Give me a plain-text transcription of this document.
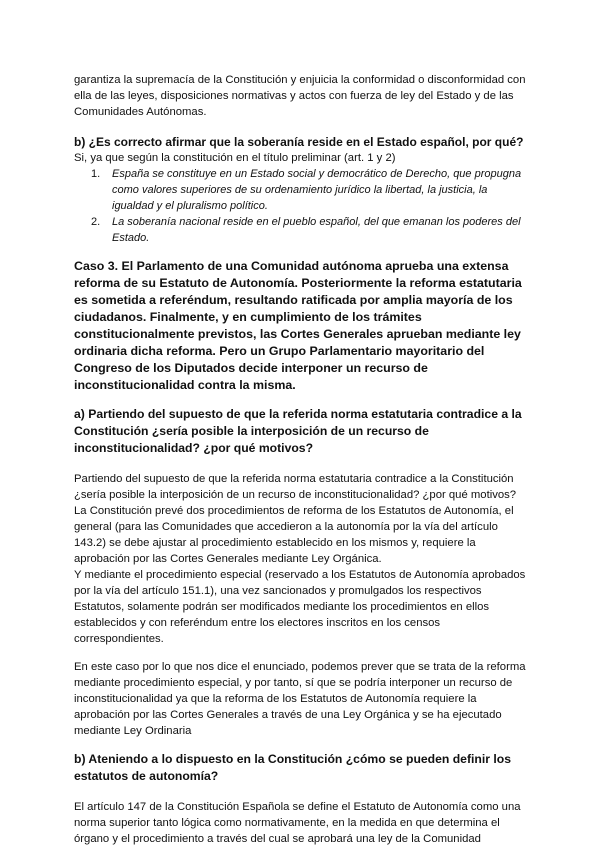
garantiza la supremacía de la Constitución y enjuicia la conformidad o disconformidad con ella de las leyes, disposiciones normativas y actos con fuerza de ley del Estado y de las Comunidades Autónomas.

b) ¿Es correcto afirmar que la soberanía reside en el Estado español, por qué?

Si, ya que según la constitución en el título preliminar (art. 1 y 2)

1. España se constituye en un Estado social y democrático de Derecho, que propugna como valores superiores de su ordenamiento jurídico la libertad, la justicia, la igualdad y el pluralismo político.
2. La soberanía nacional reside en el pueblo español, del que emanan los poderes del Estado.

Caso 3. El Parlamento de una Comunidad autónoma aprueba una extensa reforma de su Estatuto de Autonomía. Posteriormente la reforma estatutaria es sometida a referéndum, resultando ratificada por amplia mayoría de los ciudadanos. Finalmente, y en cumplimiento de los trámites constitucionalmente previstos, las Cortes Generales aprueban mediante ley ordinaria dicha reforma. Pero un Grupo Parlamentario mayoritario del Congreso de los Diputados decide interponer un recurso de inconstitucionalidad contra la misma.

a) Partiendo del supuesto de que la referida norma estatutaria contradice a la Constitución ¿sería posible la interposición de un recurso de inconstitucionalidad? ¿por qué motivos?

Partiendo del supuesto de que la referida norma estatutaria contradice a la Constitución ¿sería posible la interposición de un recurso de inconstitucionalidad? ¿por qué motivos?

La Constitución prevé dos procedimientos de reforma de los Estatutos de Autonomía, el general (para las Comunidades que accedieron a la autonomía por la vía del artículo 143.2) se debe ajustar al procedimiento establecido en los mismos y, requiere la aprobación por las Cortes Generales mediante Ley Orgánica.

Y mediante el procedimiento especial (reservado a los Estatutos de Autonomía aprobados por la vía del artículo 151.1), una vez sancionados y promulgados los respectivos Estatutos, solamente podrán ser modificados mediante los procedimientos en ellos establecidos y con referéndum entre los electores inscritos en los censos correspondientes.

En este caso por lo que nos dice el enunciado, podemos prever que se trata de la reforma mediante procedimiento especial, y por tanto, sí que se podría interponer un recurso de inconstitucionalidad ya que la reforma de los Estatutos de Autonomía requiere la aprobación por las Cortes Generales a través de una Ley Orgánica y se ha ejecutado mediante Ley Ordinaria

b) Ateniendo a lo dispuesto en la Constitución ¿cómo se pueden definir los estatutos de autonomía?

El artículo 147 de la Constitución Española se define el Estatuto de Autonomía como una norma superior tanto lógica como normativamente, en la medida en que determina el órgano y el procedimiento a través del cual se aprobará una ley de la Comunidad
